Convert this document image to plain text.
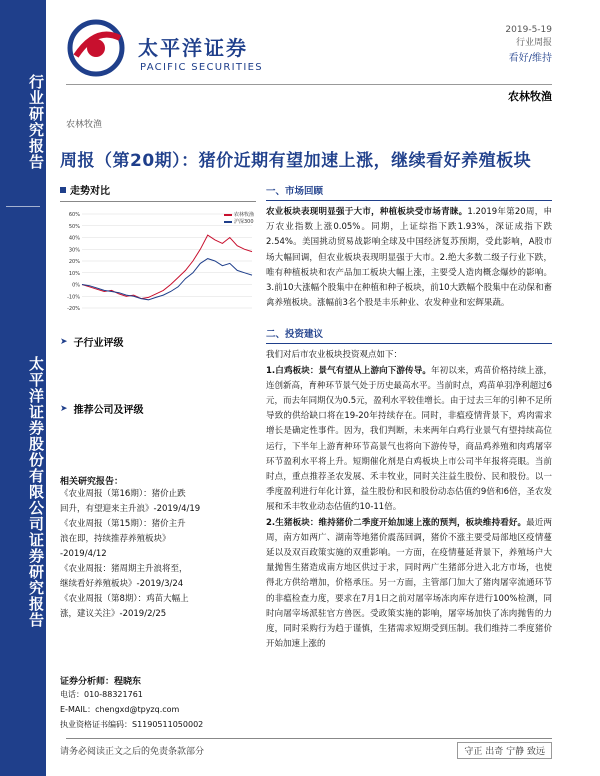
行业研究报告
太平洋证券股份有限公司证券研究报告
太平洋证券
PACIFIC SECURITIES
2019-5-19
行业周报
看好/维持
农林牧渔
农林牧渔
周报（第20期）：猪价近期有望加速上涨，继续看好养殖板块
走势对比
60%
50%
40%
30%
20%
10%
0%
-10%
-20%
农林牧渔
沪深300
➤ 子行业评级
➤ 推荐公司及评级
相关研究报告：
《农业周报（第16期）：猪价止跌
回升，有望迎来主升浪》-2019/4/19
《农业周报（第15期）：猪价主升
浪在即，持续推荐养殖板块》
-2019/4/12
《农业周报：猪周期主升浪将至，
继续看好养殖板块》-2019/3/24
《农业周报（第8期）：鸡苗大幅上
涨，建议关注》-2019/2/25
证券分析师：程晓东
电话：010-88321761
E-MAIL：chengxd@tpyzq.com
执业资格证书编码：S1190511050002
一、市场回顾
农业板块表现明显强于大市，种植板块受市场青睐。1.2019年第20周，申万农业指数上涨0.05%。同期，上证综指下跌1.93%，深证成指下跌2.54%。美国挑动贸易战影响全球及中国经济复苏预期，受此影响，A股市场大幅回调，但农业板块表现明显强于大市。2.绝大多数二级子行业下跌，唯有种植板块和农产品加工板块大幅上涨，主要受人造肉概念爆炒的影响。3.前10大涨幅个股集中在种植和种子板块，前10大跌幅个股集中在动保和畜禽养殖板块。涨幅前3名个股是丰乐种业、农发种业和宏辉果蔬。
二、投资建议
我们对后市农业板块投资观点如下：
1.白鸡板块：景气有望从上游向下游传导。年初以来，鸡苗价格持续上涨，连创新高，育种环节景气处于历史最高水平。当前时点，鸡苗单羽净利超过6元，而去年同期仅为0.5元，盈利水平较佳增长。由于过去三年的引种不足所导致的供给缺口将在19-20年持续存在。同时，非瘟疫情背景下，鸡肉需求增长是确定性事件。因为，我们判断，未来两年白鸡行业景气有望持续高位运行，下半年上游育种环节高景气也将向下游传导，商品鸡养殖和肉鸡屠宰环节盈利水平将上升。短期催化剂是白鸡板块上市公司半年报将亮眼。当前时点，重点推荐圣农发展、禾丰牧业，同时关注益生股份、民和股份。以一季度盈利进行年化计算，益生股份和民和股份动态估值约9倍和6倍，圣农发展和禾丰牧业动态估值约10-11倍。
2.生猪板块：维持猪价二季度开始加速上涨的预判，板块维持看好。最近两周，南方如两广、湖南等地猪价震荡回调，猪价不涨主要受局部地区疫情蔓延以及双百政策实施的双重影响。一方面，在疫情蔓延背景下，养殖场户大量抛售生猪造成南方地区供过于求，同时两广生猪部分进入北方市场，也使得北方供给增加，价格承压。另一方面，主管部门加大了猪肉屠宰流通环节的非瘟检查力度，要求在7月1日之前对屠宰场冻肉库存进行100%检测，同时向屠宰场派驻官方兽医。受政策实施的影响，屠宰场加快了冻肉抛售的力度，同时采购行为趋于谨慎，生猪需求短期受到压制。我们维持二季度猪价开始加速上涨的
请务必阅读正文之后的免责条款部分	守正 出奇 宁静 致远
